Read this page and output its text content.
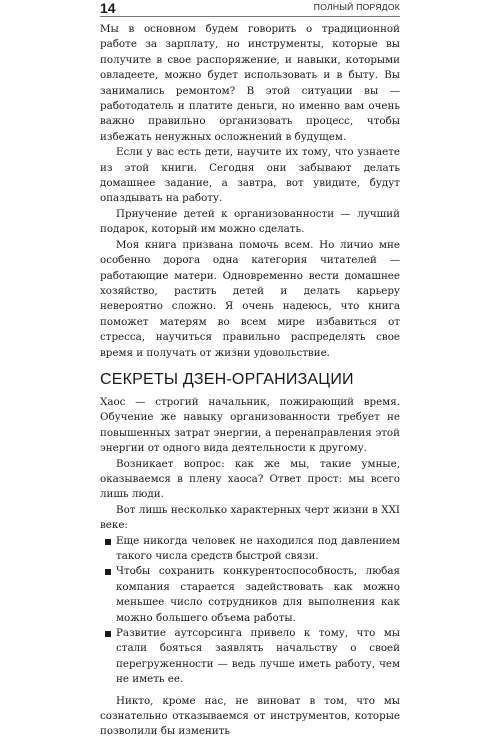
14	ПОЛНЫЙ ПОРЯДОК

Мы в основном будем говорить о традиционной работе за зарплату, но инструменты, которые вы получите в свое распоряжение, и навыки, которыми овладеете, можно будет использовать и в быту. Вы занимались ремонтом? В этой ситуации вы — работодатель и платите деньги, но именно вам очень важно правильно организовать процесс, чтобы избежать ненужных осложнений в будущем.

Если у вас есть дети, научите их тому, что узнаете из этой книги. Сегодня они забывают делать домашнее задание, а завтра, вот увидите, будут опаздывать на работу.

Приучение детей к организованности — лучший подарок, который им можно сделать.

Моя книга призвана помочь всем. Но личио мне особенно дорога одна категория читателей — работающие матери. Одновременно вести домашнее хозяйство, растить детей и делать карьеру невероятно сложно. Я очень надеюсь, что книга поможет матерям во всем мире избавиться от стресса, научиться правильно распределять свое время и получать от жизни удовольствие.

СЕКРЕТЫ ДЗЕН-ОРГАНИЗАЦИИ

Хаос — строгий начальник, пожирающий время. Обучение же навыку организованности требует не повышенных затрат энергии, а перенаправления этой энергии от одного вида деятельности к другому.

Возникает вопрос: как же мы, такие умные, оказываемся в плену хаоса? Ответ прост: мы всего лишь люди.

Вот лишь несколько характерных черт жизни в XXI веке:

Еще никогда человек не находился под давлением такого числа средств быстрой связи.
Чтобы сохранить конкурентоспособность, любая компания старается задействовать как можно меньшее число сотрудников для выполнения как можно большего объема работы.
Развитие аутсорсинга привело к тому, что мы стали бояться заявлять начальству о своей перегруженности — ведь лучше иметь работу, чем не иметь ее.

Никто, кроме нас, не виноват в том, что мы сознательно отказываемся от инструментов, которые позволили бы изменить
